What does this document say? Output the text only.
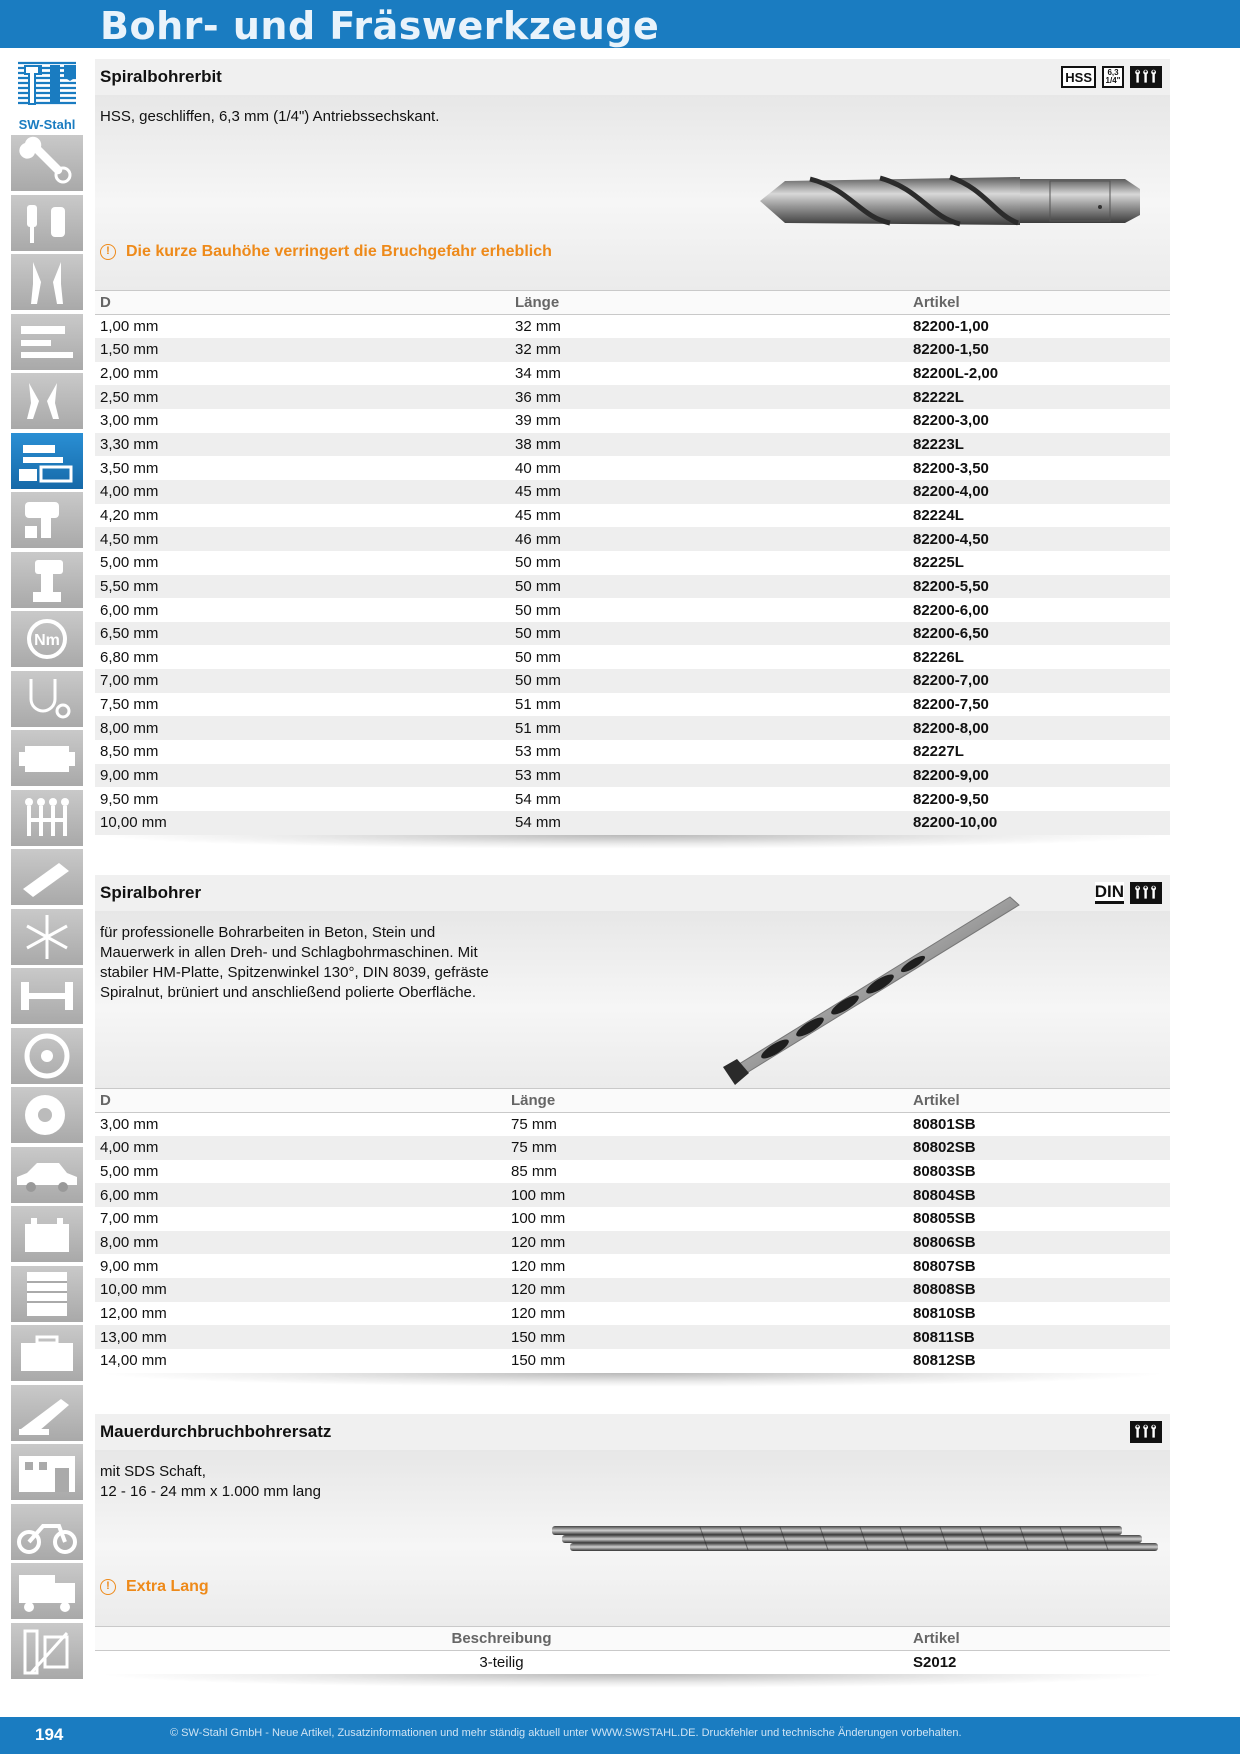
Bohr- und Fräswerkzeuge
SW-Stahl
Nm
Spiralbohrerbit	HSS 6,3
1/4"
HSS, geschliffen, 6,3 mm (1/4") Antriebssechskant.
!	Die kurze Bauhöhe verringert die Bruchgefahr erheblich
D	Länge	Artikel
1,00 mm	32 mm	82200-1,00
1,50 mm	32 mm	82200-1,50
2,00 mm	34 mm	82200L-2,00
2,50 mm	36 mm	82222L
3,00 mm	39 mm	82200-3,00
3,30 mm	38 mm	82223L
3,50 mm	40 mm	82200-3,50
4,00 mm	45 mm	82200-4,00
4,20 mm	45 mm	82224L
4,50 mm	46 mm	82200-4,50
5,00 mm	50 mm	82225L
5,50 mm	50 mm	82200-5,50
6,00 mm	50 mm	82200-6,00
6,50 mm	50 mm	82200-6,50
6,80 mm	50 mm	82226L
7,00 mm	50 mm	82200-7,00
7,50 mm	51 mm	82200-7,50
8,00 mm	51 mm	82200-8,00
8,50 mm	53 mm	82227L
9,00 mm	53 mm	82200-9,00
9,50 mm	54 mm	82200-9,50
10,00 mm	54 mm	82200-10,00
Spiralbohrer	DIN
für professionelle Bohrarbeiten in Beton, Stein und Mauerwerk in allen Dreh- und Schlagbohrmaschinen. Mit stabiler HM-Platte, Spitzenwinkel 130°, DIN 8039, gefräste Spiralnut, brüniert und anschließend polierte Oberfläche.
D	Länge	Artikel
3,00 mm	75 mm	80801SB
4,00 mm	75 mm	80802SB
5,00 mm	85 mm	80803SB
6,00 mm	100 mm	80804SB
7,00 mm	100 mm	80805SB
8,00 mm	120 mm	80806SB
9,00 mm	120 mm	80807SB
10,00 mm	120 mm	80808SB
12,00 mm	120 mm	80810SB
13,00 mm	150 mm	80811SB
14,00 mm	150 mm	80812SB
Mauerdurchbruchbohrersatz
mit SDS Schaft,
12 - 16 - 24 mm x 1.000 mm lang
!	Extra Lang
Beschreibung	Artikel
3-teilig	S2012
194	© SW-Stahl GmbH - Neue Artikel, Zusatzinformationen und mehr ständig aktuell unter WWW.SWSTAHL.DE. Druckfehler und technische Änderungen vorbehalten.
